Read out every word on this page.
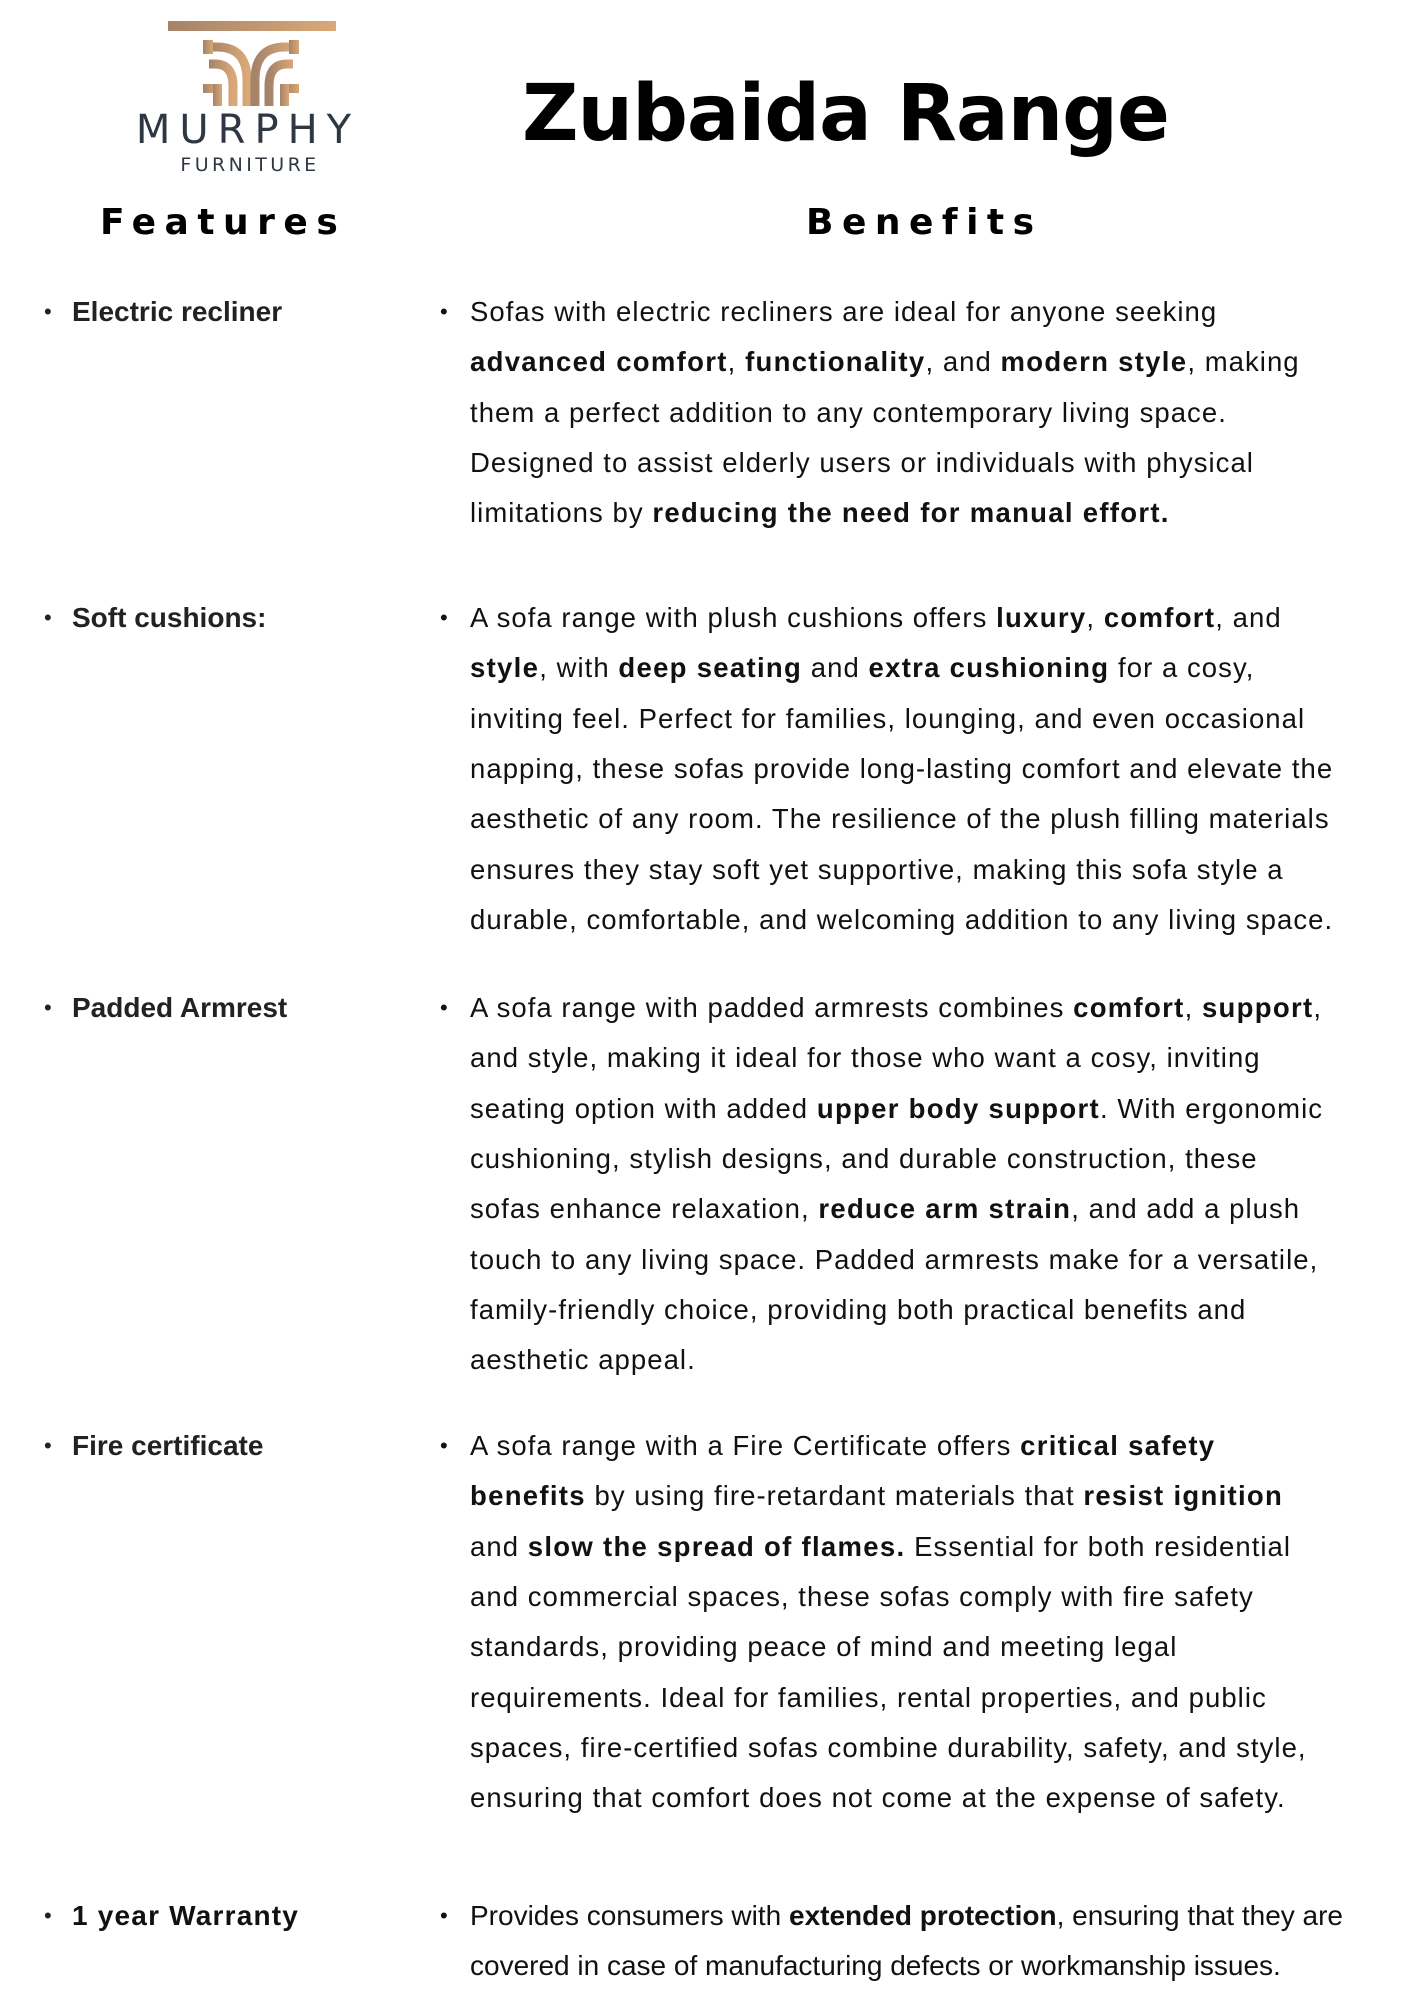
MURPHY
FURNITURE
Zubaida Range
Features	Benefits
• Electric recliner
• Soft cushions:
• Padded Armrest
• Fire certificate
• 1 year Warranty
• Sofas with electric recliners are ideal for anyone seeking
advanced comfort, functionality, and modern style, making
them a perfect addition to any contemporary living space.
Designed to assist elderly users or individuals with physical
limitations by reducing the need for manual effort.
• A sofa range with plush cushions offers luxury, comfort, and
style, with deep seating and extra cushioning for a cosy,
inviting feel. Perfect for families, lounging, and even occasional
napping, these sofas provide long-lasting comfort and elevate the
aesthetic of any room. The resilience of the plush filling materials
ensures they stay soft yet supportive, making this sofa style a
durable, comfortable, and welcoming addition to any living space.
• A sofa range with padded armrests combines comfort, support,
and style, making it ideal for those who want a cosy, inviting
seating option with added upper body support. With ergonomic
cushioning, stylish designs, and durable construction, these
sofas enhance relaxation, reduce arm strain, and add a plush
touch to any living space. Padded armrests make for a versatile,
family-friendly choice, providing both practical benefits and
aesthetic appeal.
• A sofa range with a Fire Certificate offers critical safety
benefits by using fire-retardant materials that resist ignition
and slow the spread of flames. Essential for both residential
and commercial spaces, these sofas comply with fire safety
standards, providing peace of mind and meeting legal
requirements. Ideal for families, rental properties, and public
spaces, fire-certified sofas combine durability, safety, and style,
ensuring that comfort does not come at the expense of safety.
• Provides consumers with extended protection, ensuring that they are
covered in case of manufacturing defects or workmanship issues.
